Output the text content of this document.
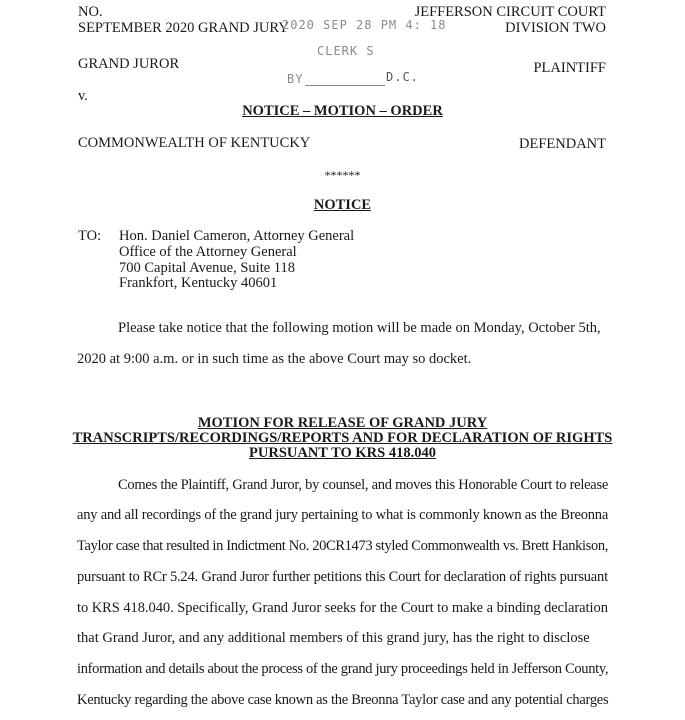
NO.
SEPTEMBER 2020 GRAND JURY
JEFFERSON CIRCUIT COURT
DIVISION TWO
2020 SEP 28 PM 4: 18
CLERK S
BY	D.C.
GRAND JUROR	PLAINTIFF
v.
NOTICE – MOTION – ORDER
COMMONWEALTH OF KENTUCKY	DEFENDANT
******
NOTICE
TO: Hon. Daniel Cameron, Attorney General
Office of the Attorney General
700 Capital Avenue, Suite 118
Frankfort, Kentucky 40601
Please take notice that the following motion will be made on Monday, October 5th,
2020 at 9:00 a.m. or in such time as the above Court may so docket.
MOTION FOR RELEASE OF GRAND JURY
TRANSCRIPTS/RECORDINGS/REPORTS AND FOR DECLARATION OF RIGHTS
PURSUANT TO KRS 418.040
Comes the Plaintiff, Grand Juror, by counsel, and moves this Honorable Court to release
any and all recordings of the grand jury pertaining to what is commonly known as the Breonna
Taylor case that resulted in Indictment No. 20CR1473 styled Commonwealth vs. Brett Hankison,
pursuant to RCr 5.24. Grand Juror further petitions this Court for declaration of rights pursuant
to KRS 418.040. Specifically, Grand Juror seeks for the Court to make a binding declaration
that Grand Juror, and any additional members of this grand jury, has the right to disclose
information and details about the process of the grand jury proceedings held in Jefferson County,
Kentucky regarding the above case known as the Breonna Taylor case and any potential charges
